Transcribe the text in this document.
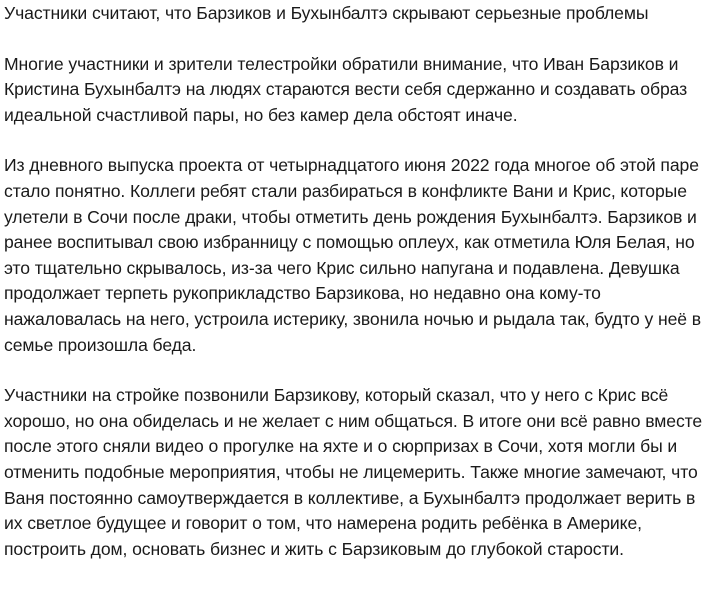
Участники считают, что Барзиков и Бухынбалтэ скрывают серьезные проблемы

Многие участники и зрители телестройки обратили внимание, что Иван Барзиков и Кристина Бухынбалтэ на людях стараются вести себя сдержанно и создавать образ идеальной счастливой пары, но без камер дела обстоят иначе.

Из дневного выпуска проекта от четырнадцатого июня 2022 года многое об этой паре стало понятно. Коллеги ребят стали разбираться в конфликте Вани и Крис, которые улетели в Сочи после драки, чтобы отметить день рождения Бухынбалтэ. Барзиков и ранее воспитывал свою избранницу с помощью оплеух, как отметила Юля Белая, но это тщательно скрывалось, из-за чего Крис сильно напугана и подавлена. Девушка продолжает терпеть рукоприкладство Барзикова, но недавно она кому-то нажаловалась на него, устроила истерику, звонила ночью и рыдала так, будто у неё в семье произошла беда.

Участники на стройке позвонили Барзикову, который сказал, что у него с Крис всё хорошо, но она обиделась и не желает с ним общаться. В итоге они всё равно вместе после этого сняли видео о прогулке на яхте и о сюрпризах в Сочи, хотя могли бы и отменить подобные мероприятия, чтобы не лицемерить. Также многие замечают, что Ваня постоянно самоутверждается в коллективе, а Бухынбалтэ продолжает верить в их светлое будущее и говорит о том, что намерена родить ребёнка в Америке, построить дом, основать бизнес и жить с Барзиковым до глубокой старости.
